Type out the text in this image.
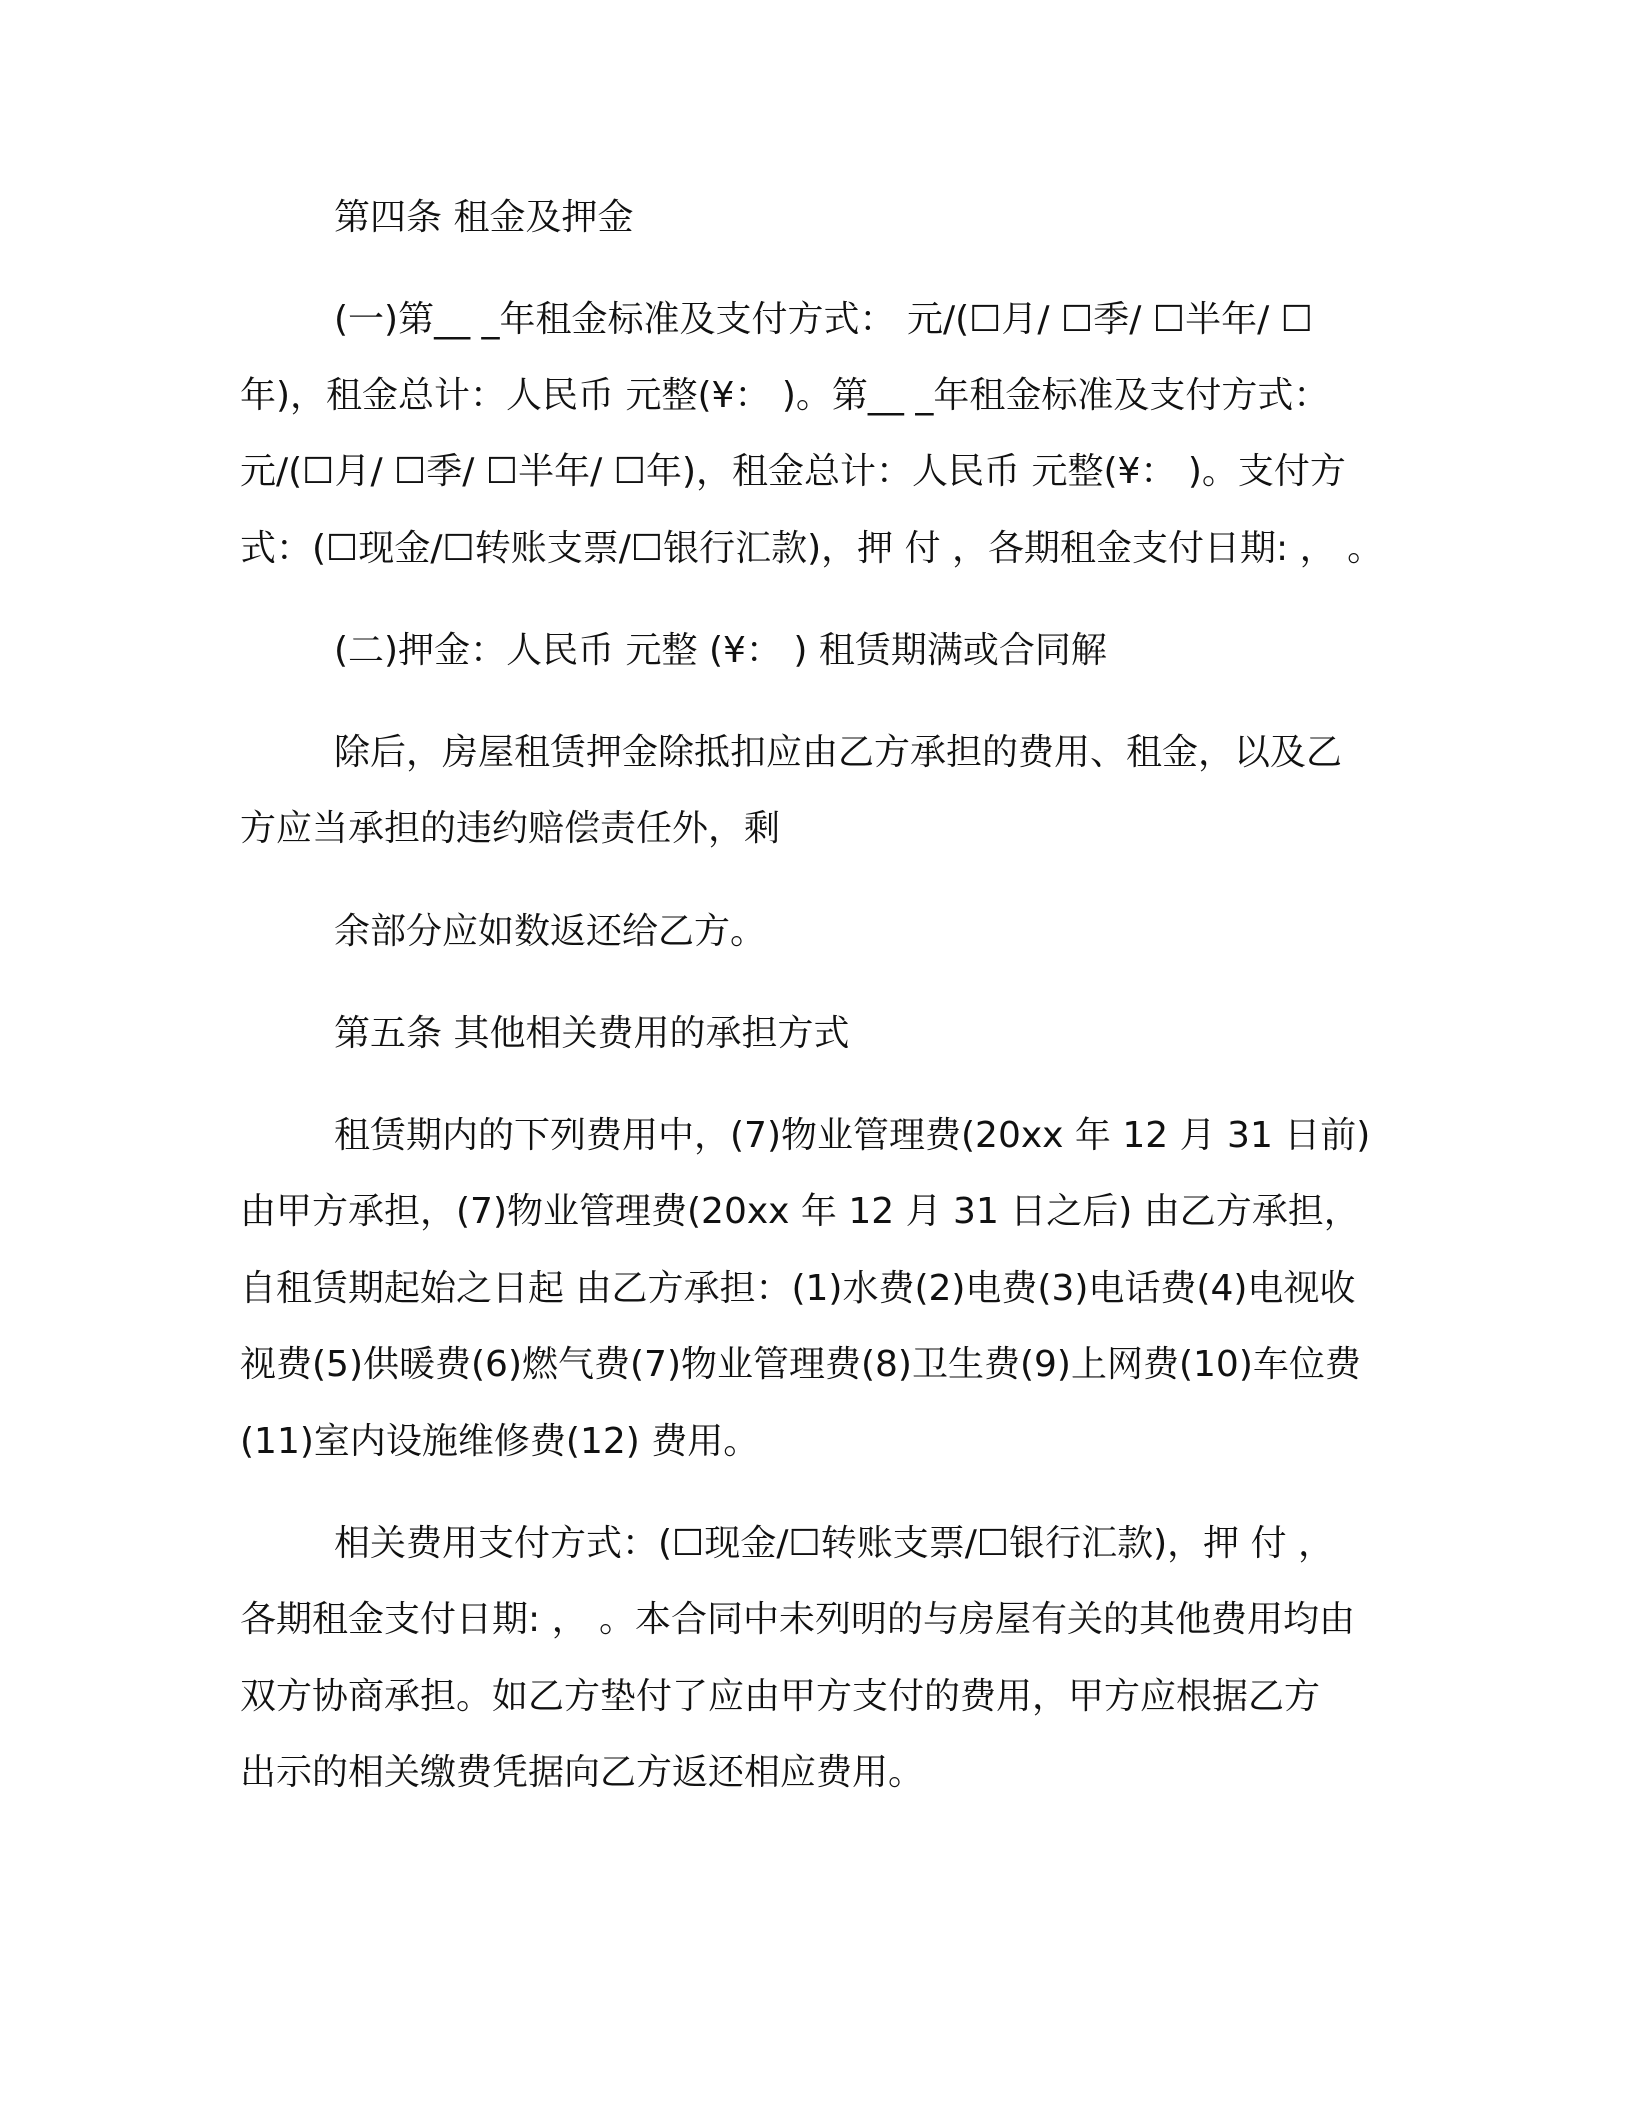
第四条 租金及押金
(一)第__ _年租金标准及支付方式： 元/(☐月/ ☐季/ ☐半年/ ☐
年)，租金总计：人民币 元整(¥： )。第__ _年租金标准及支付方式：
元/(☐月/ ☐季/ ☐半年/ ☐年)，租金总计：人民币 元整(¥： )。支付方
式：(☐现金/☐转账支票/☐银行汇款)，押 付 ，各期租金支付日期: ， 。
(二)押金：人民币 元整 (¥： ) 租赁期满或合同解
除后，房屋租赁押金除抵扣应由乙方承担的费用、租金，以及乙
方应当承担的违约赔偿责任外，剩
余部分应如数返还给乙方。
第五条 其他相关费用的承担方式
租赁期内的下列费用中，(7)物业管理费(20xx 年 12 月 31 日前)
由甲方承担，(7)物业管理费(20xx 年 12 月 31 日之后) 由乙方承担，
自租赁期起始之日起 由乙方承担：(1)水费(2)电费(3)电话费(4)电视收
视费(5)供暖费(6)燃气费(7)物业管理费(8)卫生费(9)上网费(10)车位费
(11)室内设施维修费(12) 费用。
相关费用支付方式：(☐现金/☐转账支票/☐银行汇款)，押 付 ，
各期租金支付日期: ， 。本合同中未列明的与房屋有关的其他费用均由
双方协商承担。如乙方垫付了应由甲方支付的费用，甲方应根据乙方
出示的相关缴费凭据向乙方返还相应费用。
